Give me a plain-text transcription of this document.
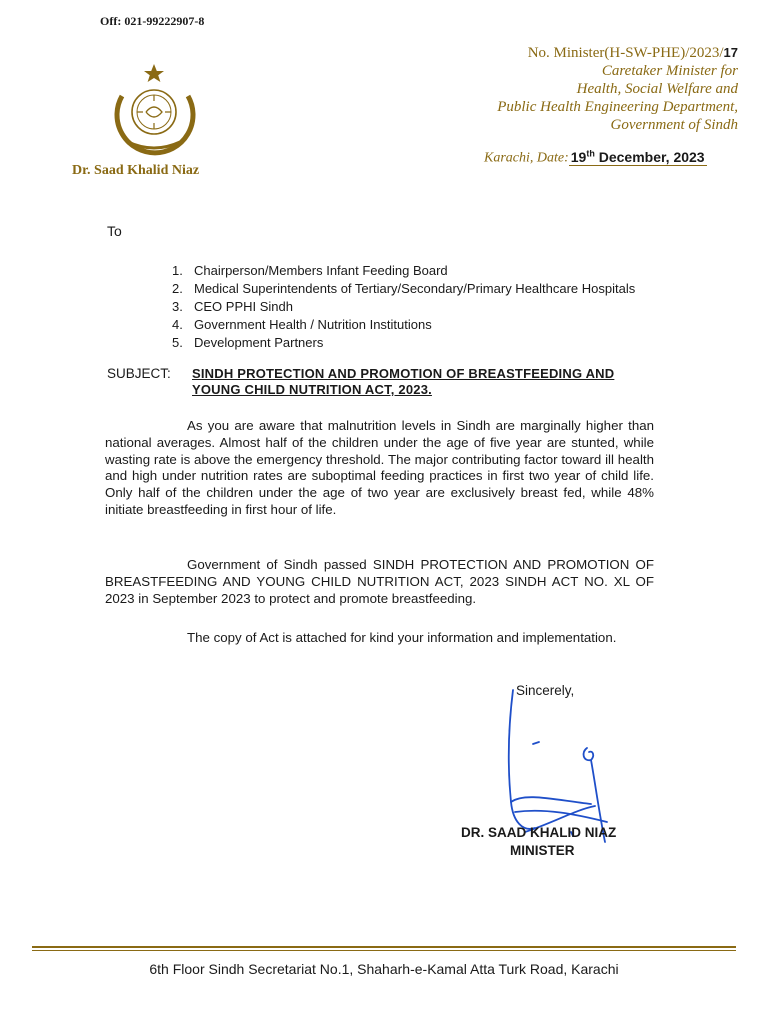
Off: 021-99222907-8
Dr. Saad Khalid Niaz
No. Minister(H-SW-PHE)/2023/17
Caretaker Minister for
Health, Social Welfare and
Public Health Engineering Department,
Government of Sindh
Karachi, Date: 19th December, 2023
To
1. Chairperson/Members Infant Feeding Board
2. Medical Superintendents of Tertiary/Secondary/Primary Healthcare Hospitals
3. CEO PPHI Sindh
4. Government Health / Nutrition Institutions
5. Development Partners
SUBJECT: SINDH PROTECTION AND PROMOTION OF BREASTFEEDING AND YOUNG CHILD NUTRITION ACT, 2023.
As you are aware that malnutrition levels in Sindh are marginally higher than national averages. Almost half of the children under the age of five year are stunted, while wasting rate is above the emergency threshold. The major contributing factor toward ill health and high under nutrition rates are suboptimal feeding practices in first two year of child life. Only half of the children under the age of two year are exclusively breast fed, while 48% initiate breastfeeding in first hour of life.
Government of Sindh passed SINDH PROTECTION AND PROMOTION OF BREASTFEEDING AND YOUNG CHILD NUTRITION ACT, 2023 SINDH ACT NO. XL OF 2023 in September 2023 to protect and promote breastfeeding.
The copy of Act is attached for kind your information and implementation.
Sincerely,
DR. SAAD KHALID NIAZ
MINISTER
6th Floor Sindh Secretariat No.1, Shaharh-e-Kamal Atta Turk Road, Karachi
